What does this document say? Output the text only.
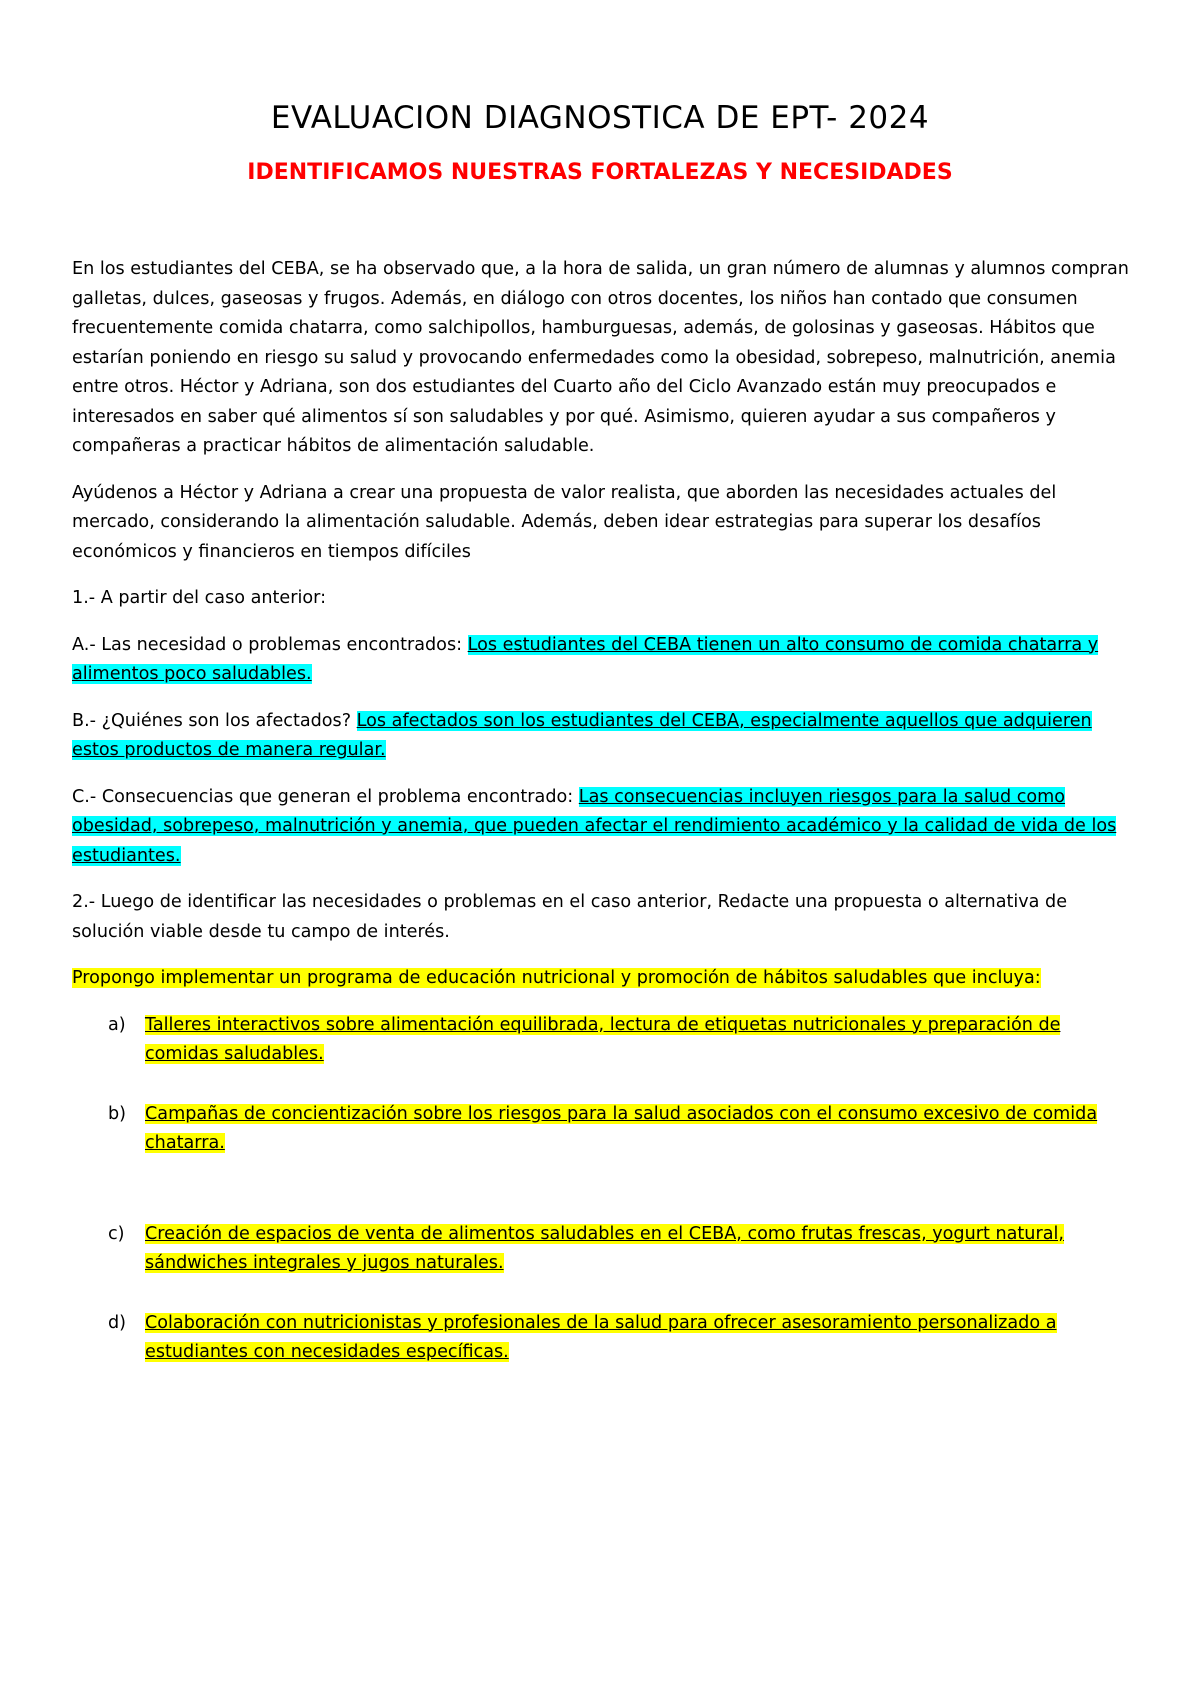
EVALUACION DIAGNOSTICA DE EPT- 2024
IDENTIFICAMOS NUESTRAS FORTALEZAS Y NECESIDADES

En los estudiantes del CEBA, se ha observado que, a la hora de salida, un gran número de alumnas y alumnos compran galletas, dulces, gaseosas y frugos. Además, en diálogo con otros docentes, los niños han contado que consumen frecuentemente comida chatarra, como salchipollos, hamburguesas, además, de golosinas y gaseosas. Hábitos que estarían poniendo en riesgo su salud y provocando enfermedades como la obesidad, sobrepeso, malnutrición, anemia entre otros. Héctor y Adriana, son dos estudiantes del Cuarto año del Ciclo Avanzado están muy preocupados e interesados en saber qué alimentos sí son saludables y por qué. Asimismo, quieren ayudar a sus compañeros y compañeras a practicar hábitos de alimentación saludable.

Ayúdenos a Héctor y Adriana a crear una propuesta de valor realista, que aborden las necesidades actuales del mercado, considerando la alimentación saludable. Además, deben idear estrategias para superar los desafíos económicos y financieros en tiempos difíciles

1.- A partir del caso anterior:

A.- Las necesidad o problemas encontrados: Los estudiantes del CEBA tienen un alto consumo de comida chatarra y alimentos poco saludables.

B.- ¿Quiénes son los afectados? Los afectados son los estudiantes del CEBA, especialmente aquellos que adquieren estos productos de manera regular.

C.- Consecuencias que generan el problema encontrado: Las consecuencias incluyen riesgos para la salud como obesidad, sobrepeso, malnutrición y anemia, que pueden afectar el rendimiento académico y la calidad de vida de los estudiantes.

2.- Luego de identificar las necesidades o problemas en el caso anterior, Redacte una propuesta o alternativa de solución viable desde tu campo de interés.

Propongo implementar un programa de educación nutricional y promoción de hábitos saludables que incluya:

a) Talleres interactivos sobre alimentación equilibrada, lectura de etiquetas nutricionales y preparación de comidas saludables.
b) Campañas de concientización sobre los riesgos para la salud asociados con el consumo excesivo de comida chatarra.
c) Creación de espacios de venta de alimentos saludables en el CEBA, como frutas frescas, yogurt natural, sándwiches integrales y jugos naturales.
d) Colaboración con nutricionistas y profesionales de la salud para ofrecer asesoramiento personalizado a estudiantes con necesidades específicas.
